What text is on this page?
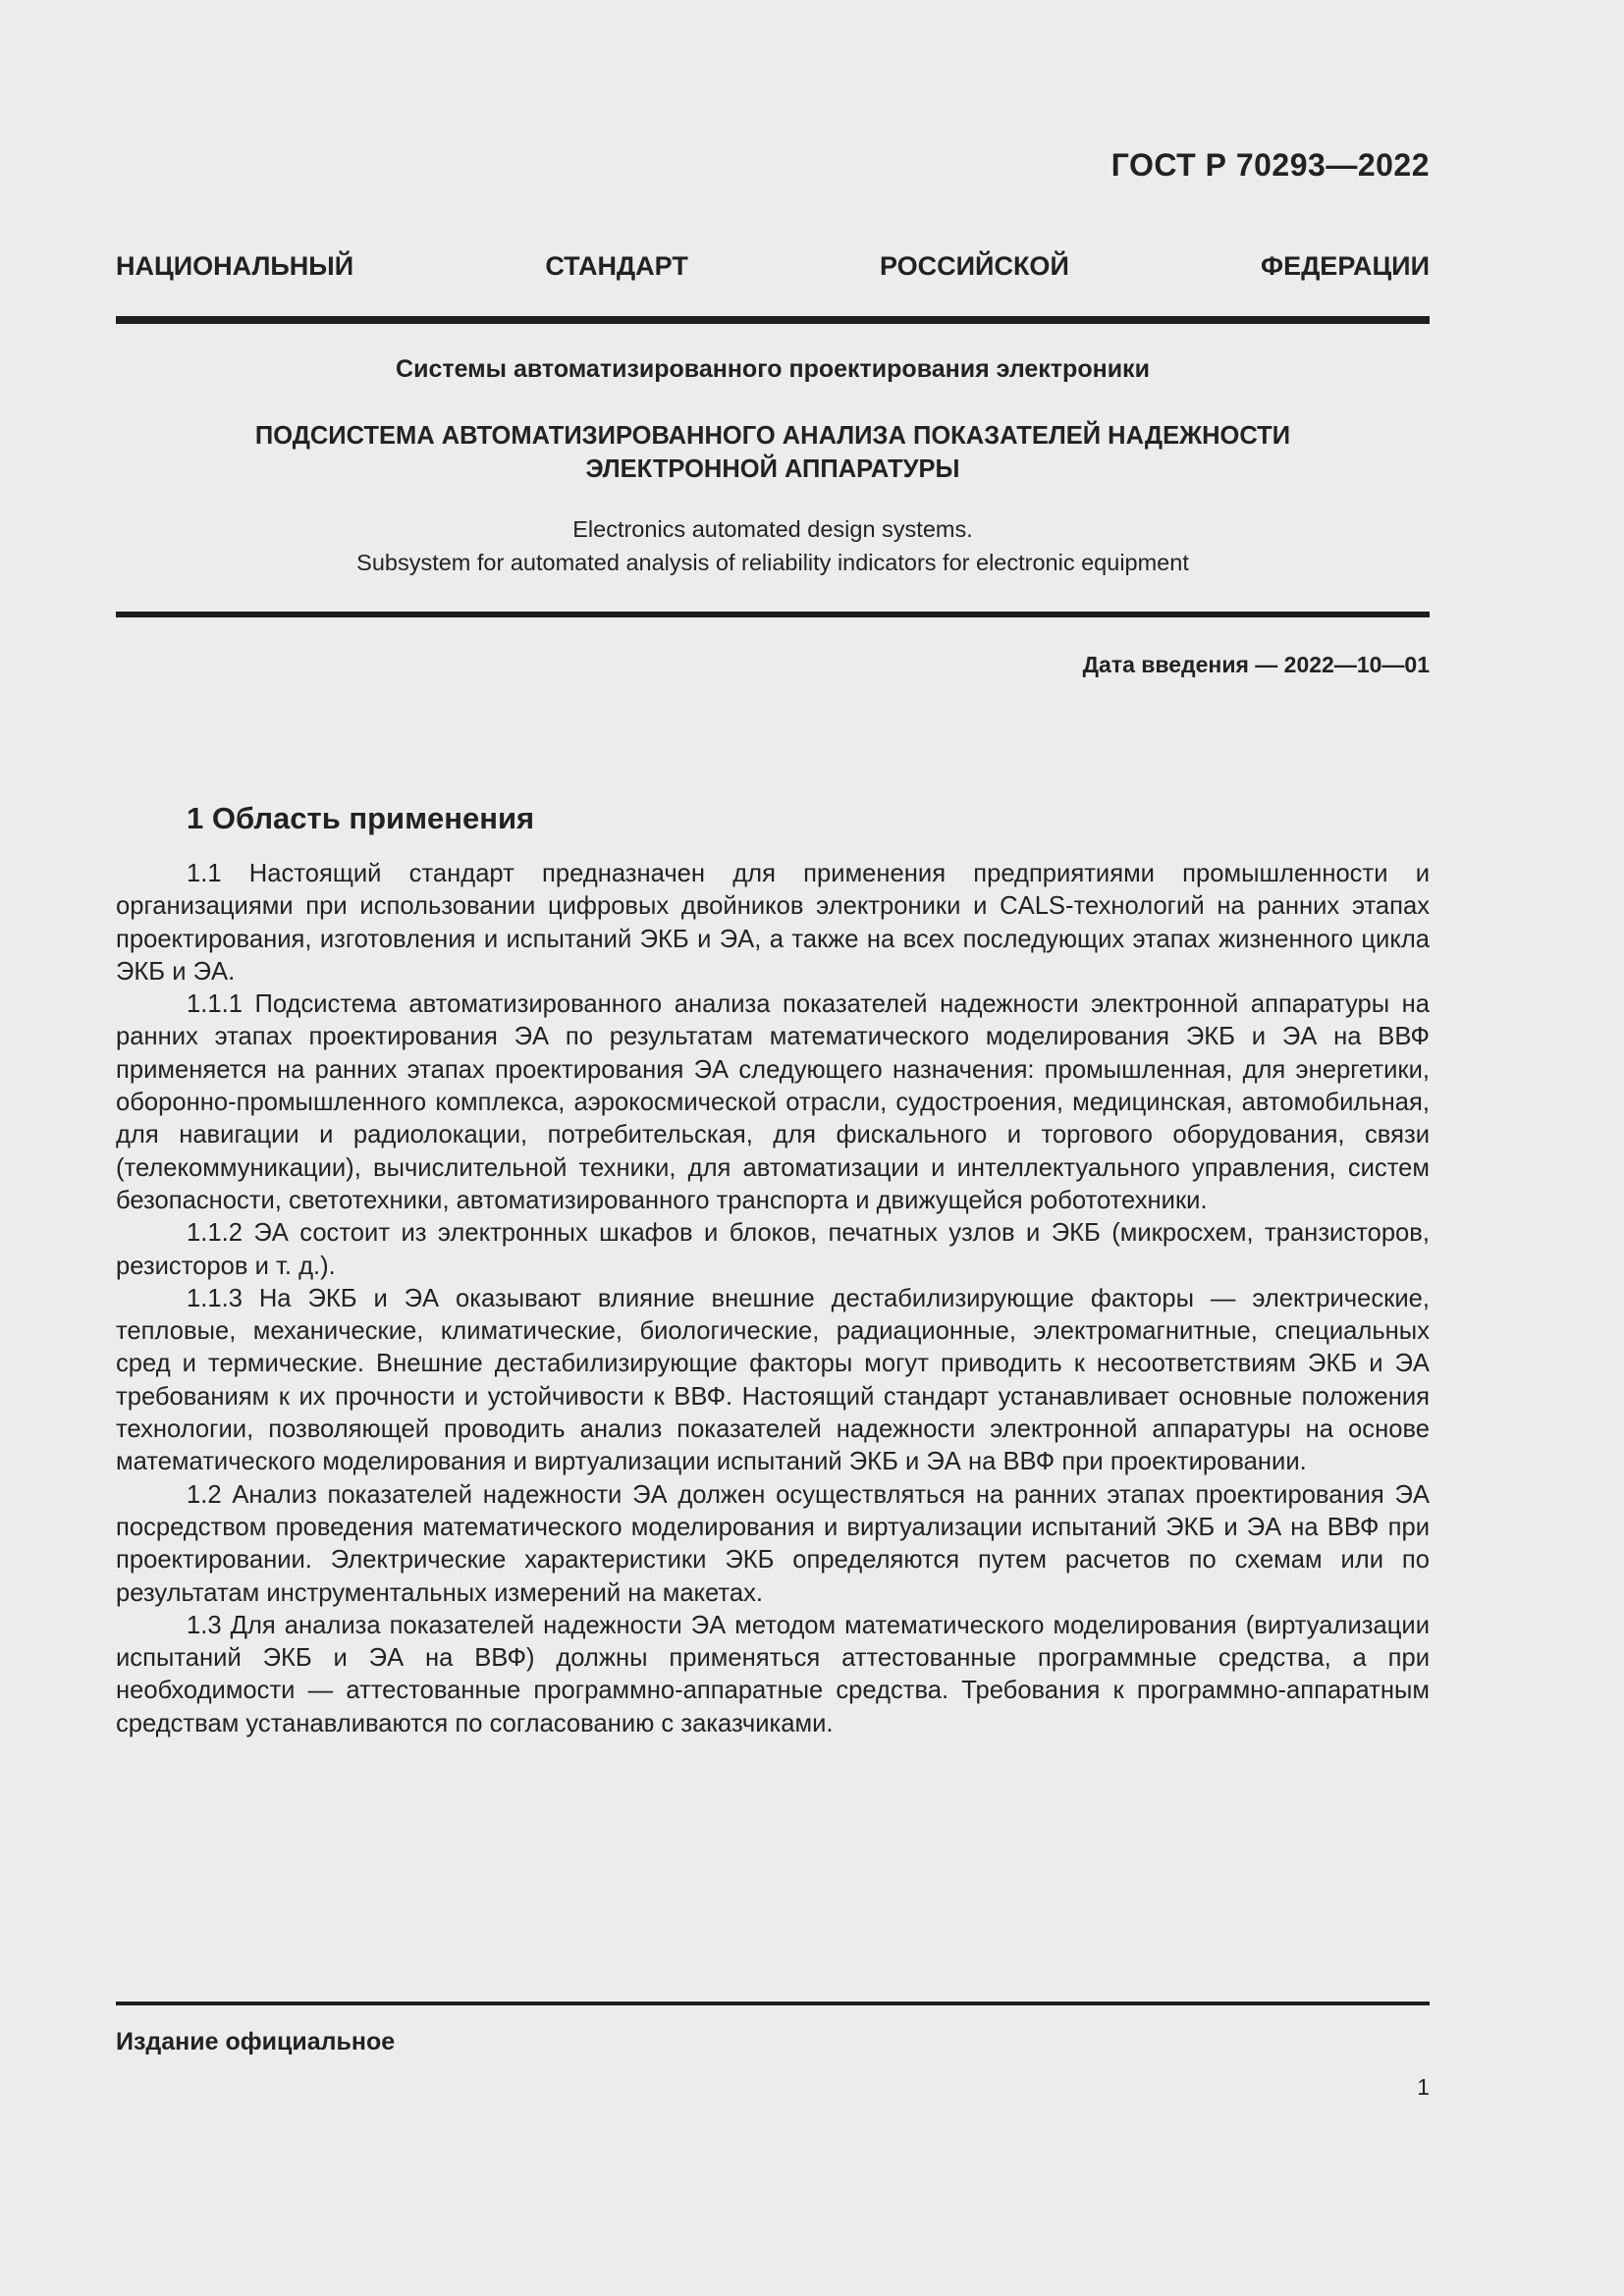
ГОСТ Р 70293—2022
НАЦИОНАЛЬНЫЙ СТАНДАРТ РОССИЙСКОЙ ФЕДЕРАЦИИ
Системы автоматизированного проектирования электроники
ПОДСИСТЕМА АВТОМАТИЗИРОВАННОГО АНАЛИЗА ПОКАЗАТЕЛЕЙ НАДЕЖНОСТИ
ЭЛЕКТРОННОЙ АППАРАТУРЫ
Electronics automated design systems.
Subsystem for automated analysis of reliability indicators for electronic equipment
Дата введения — 2022—10—01
1 Область применения

1.1 Настоящий стандарт предназначен для применения предприятиями промышленности и организациями при использовании цифровых двойников электроники и CALS-технологий на ранних этапах проектирования, изготовления и испытаний ЭКБ и ЭА, а также на всех последующих этапах жизненного цикла ЭКБ и ЭА.

1.1.1 Подсистема автоматизированного анализа показателей надежности электронной аппаратуры на ранних этапах проектирования ЭА по результатам математического моделирования ЭКБ и ЭА на ВВФ применяется на ранних этапах проектирования ЭА следующего назначения: промышленная, для энергетики, оборонно-промышленного комплекса, аэрокосмической отрасли, судостроения, медицинская, автомобильная, для навигации и радиолокации, потребительская, для фискального и торгового оборудования, связи (телекоммуникации), вычислительной техники, для автоматизации и интеллектуального управления, систем безопасности, светотехники, автоматизированного транспорта и движущейся робототехники.

1.1.2 ЭА состоит из электронных шкафов и блоков, печатных узлов и ЭКБ (микросхем, транзисторов, резисторов и т. д.).

1.1.3 На ЭКБ и ЭА оказывают влияние внешние дестабилизирующие факторы — электрические, тепловые, механические, климатические, биологические, радиационные, электромагнитные, специальных сред и термические. Внешние дестабилизирующие факторы могут приводить к несоответствиям ЭКБ и ЭА требованиям к их прочности и устойчивости к ВВФ. Настоящий стандарт устанавливает основные положения технологии, позволяющей проводить анализ показателей надежности электронной аппаратуры на основе математического моделирования и виртуализации испытаний ЭКБ и ЭА на ВВФ при проектировании.

1.2 Анализ показателей надежности ЭА должен осуществляться на ранних этапах проектирования ЭА посредством проведения математического моделирования и виртуализации испытаний ЭКБ и ЭА на ВВФ при проектировании. Электрические характеристики ЭКБ определяются путем расчетов по схемам или по результатам инструментальных измерений на макетах.

1.3 Для анализа показателей надежности ЭА методом математического моделирования (виртуализации испытаний ЭКБ и ЭА на ВВФ) должны применяться аттестованные программные средства, а при необходимости — аттестованные программно-аппаратные средства. Требования к программно-аппаратным средствам устанавливаются по согласованию с заказчиками.

Издание официальное
1
